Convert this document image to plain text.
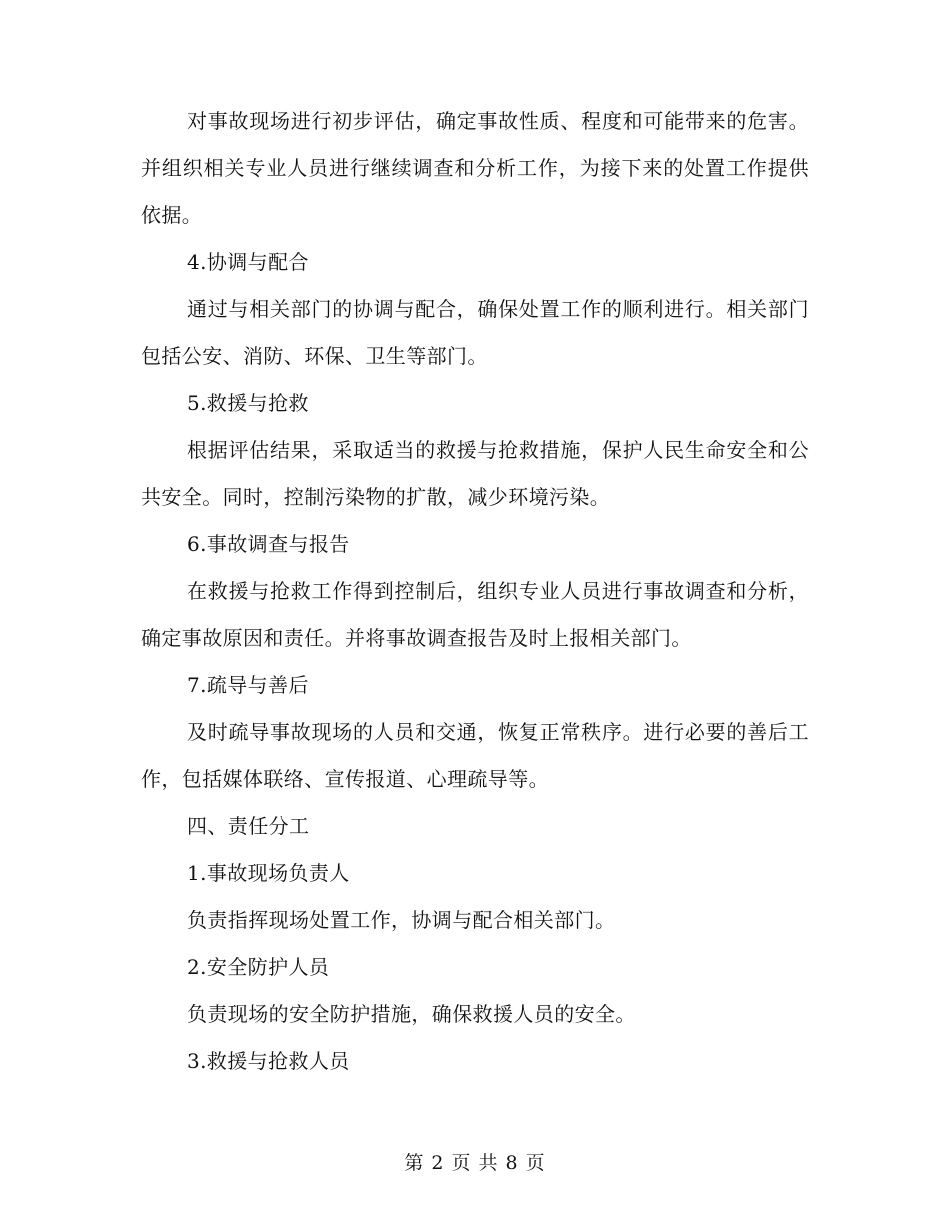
对事故现场进行初步评估，确定事故性质、程度和可能带来的危害。并组织相关专业人员进行继续调查和分析工作，为接下来的处置工作提供依据。

4.协调与配合

通过与相关部门的协调与配合，确保处置工作的顺利进行。相关部门包括公安、消防、环保、卫生等部门。

5.救援与抢救

根据评估结果，采取适当的救援与抢救措施，保护人民生命安全和公共安全。同时，控制污染物的扩散，减少环境污染。

6.事故调查与报告

在救援与抢救工作得到控制后，组织专业人员进行事故调查和分析，确定事故原因和责任。并将事故调查报告及时上报相关部门。

7.疏导与善后

及时疏导事故现场的人员和交通，恢复正常秩序。进行必要的善后工作，包括媒体联络、宣传报道、心理疏导等。

四、责任分工

1.事故现场负责人

负责指挥现场处置工作，协调与配合相关部门。

2.安全防护人员

负责现场的安全防护措施，确保救援人员的安全。

3.救援与抢救人员

第 2 页 共 8 页
